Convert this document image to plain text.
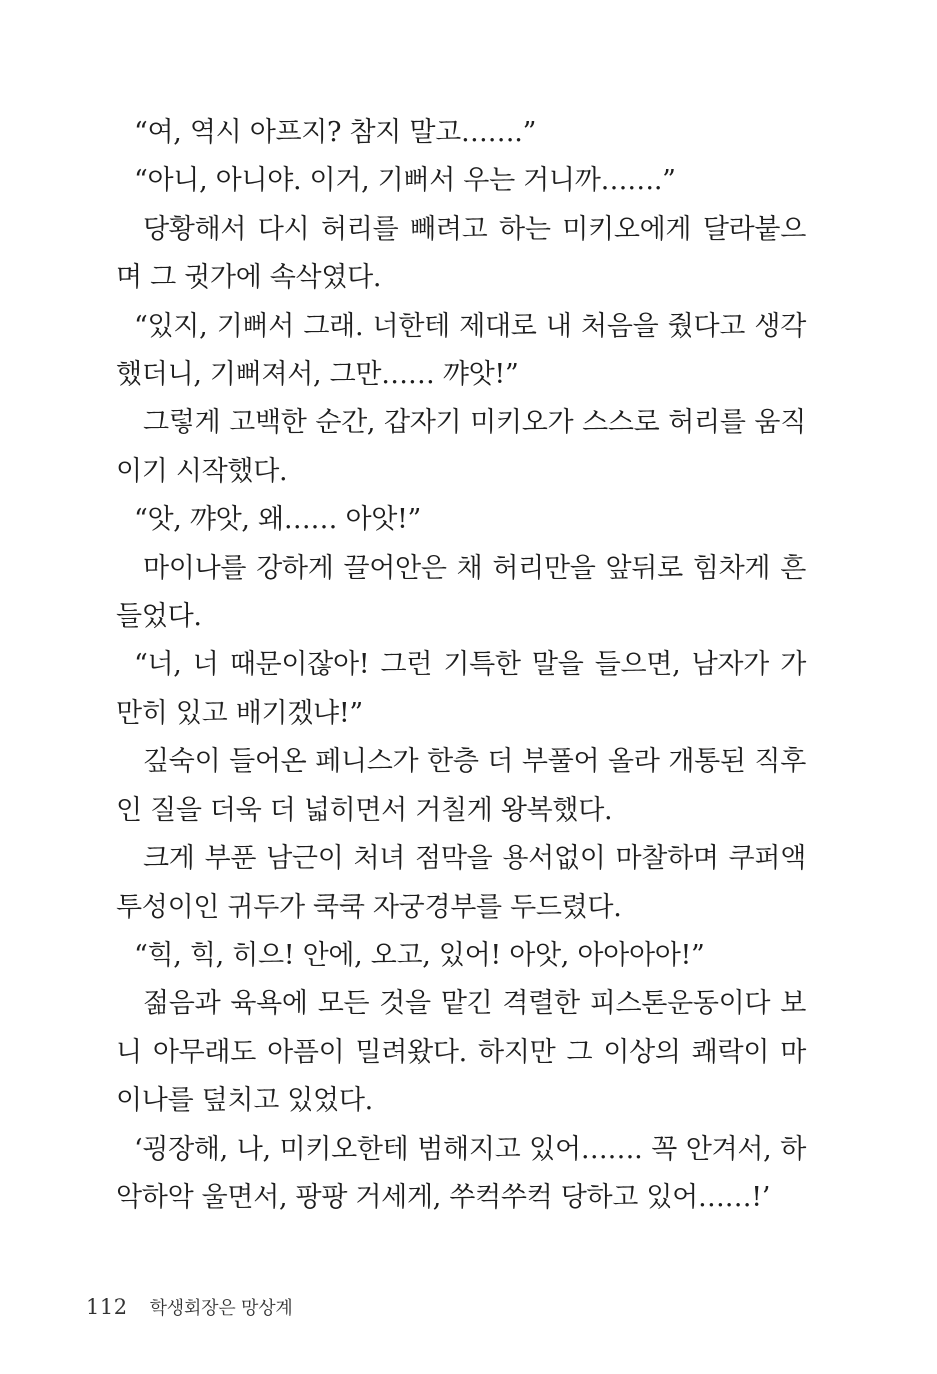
“여, 역시 아프지? 참지 말고…….”

“아니, 아니야. 이거, 기뻐서 우는 거니까…….”

당황해서 다시 허리를 빼려고 하는 미키오에게 달라붙으며 그 귓가에 속삭였다.

“있지, 기뻐서 그래. 너한테 제대로 내 처음을 줬다고 생각했더니, 기뻐져서, 그만…… 꺄앗!”

그렇게 고백한 순간, 갑자기 미키오가 스스로 허리를 움직이기 시작했다.

“앗, 꺄앗, 왜…… 아앗!”

마이나를 강하게 끌어안은 채 허리만을 앞뒤로 힘차게 흔들었다.

“너, 너 때문이잖아! 그런 기특한 말을 들으면, 남자가 가만히 있고 배기겠냐!”

깊숙이 들어온 페니스가 한층 더 부풀어 올라 개통된 직후인 질을 더욱 더 넓히면서 거칠게 왕복했다.

크게 부푼 남근이 처녀 점막을 용서없이 마찰하며 쿠퍼액투성이인 귀두가 쿡쿡 자궁경부를 두드렸다.

“힉, 힉, 히으! 안에, 오고, 있어! 아앗, 아아아아!”

젊음과 육욕에 모든 것을 맡긴 격렬한 피스톤운동이다 보니 아무래도 아픔이 밀려왔다. 하지만 그 이상의 쾌락이 마이나를 덮치고 있었다.

‘굉장해, 나, 미키오한테 범해지고 있어……. 꼭 안겨서, 하악하악 울면서, 팡팡 거세게, 쑤컥쑤컥 당하고 있어……!’

112 학생회장은 망상계
